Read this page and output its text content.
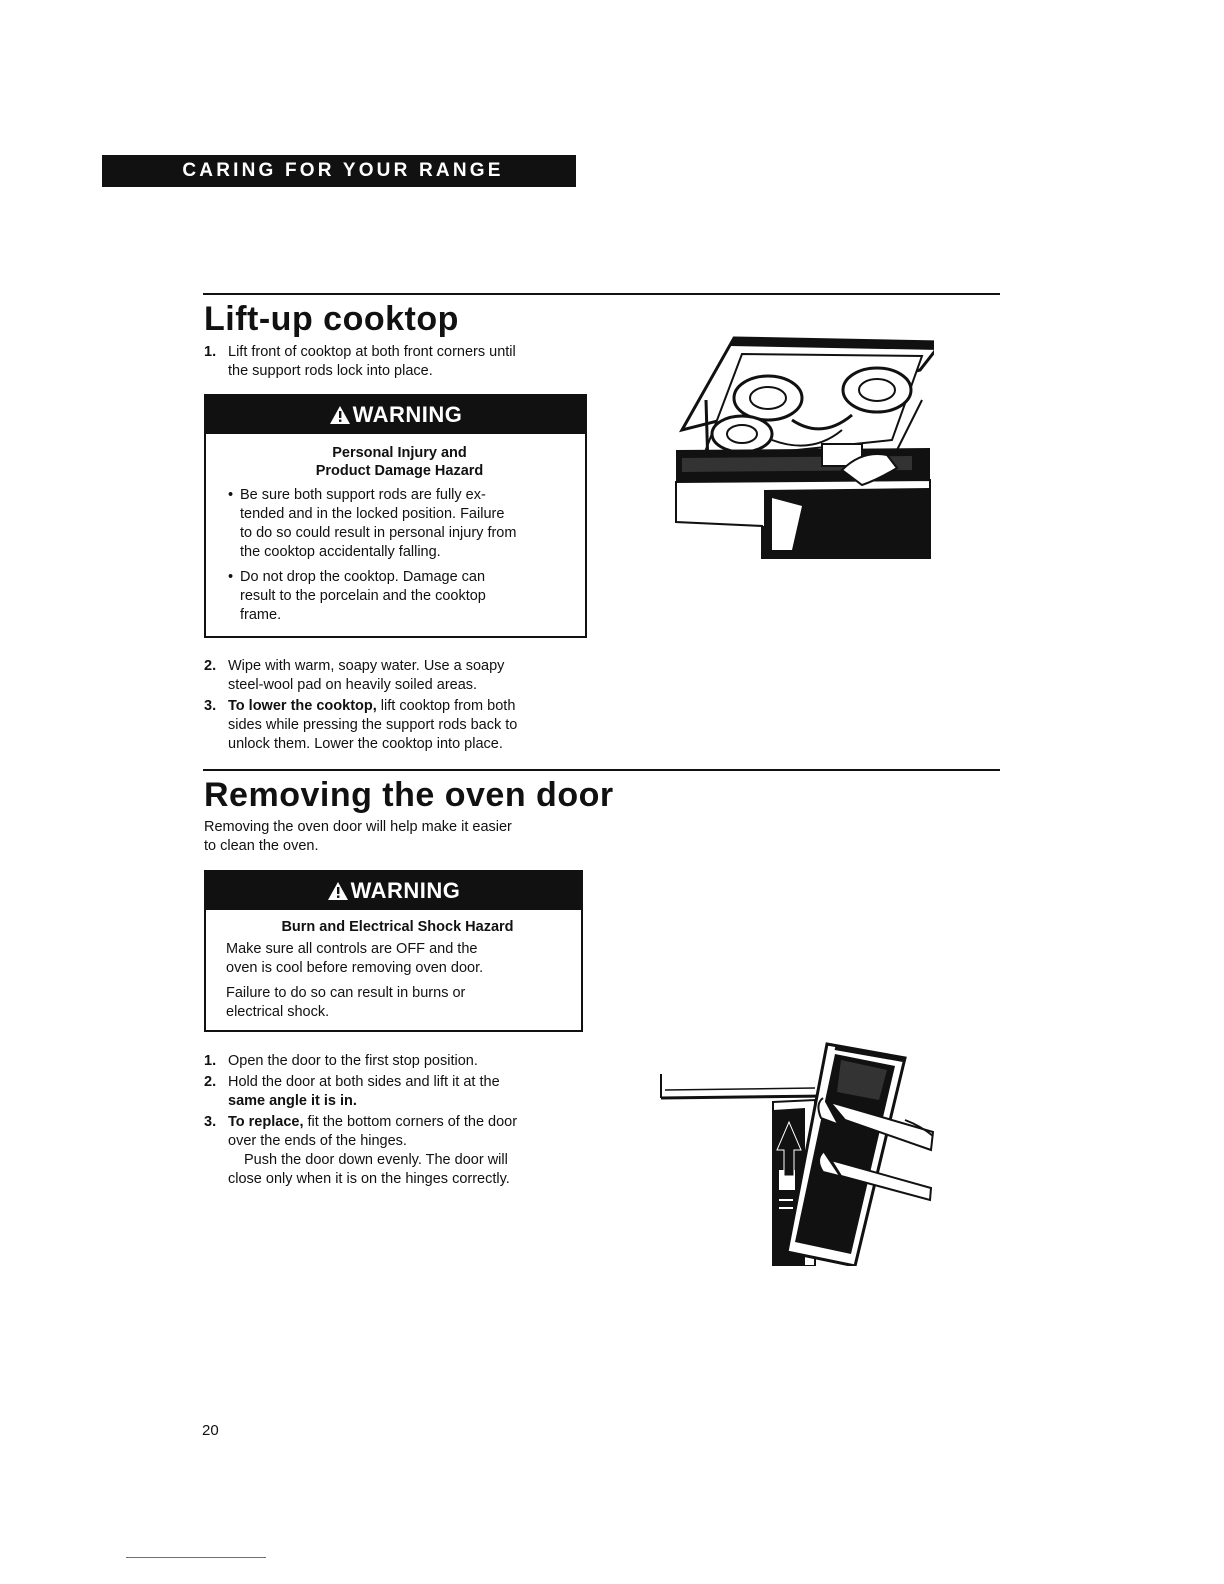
CARING FOR YOUR RANGE
Lift-up cooktop
1. Lift front of cooktop at both front corners until
the support rods lock into place.
WARNING
Personal Injury and
Product Damage Hazard
• Be sure both support rods are fully ex-
tended and in the locked position. Failure
to do so could result in personal injury from
the cooktop accidentally falling.
• Do not drop the cooktop. Damage can
result to the porcelain and the cooktop
frame.
2. Wipe with warm, soapy water. Use a soapy
steel-wool pad on heavily soiled areas.
3. To lower the cooktop, lift cooktop from both
sides while pressing the support rods back to
unlock them. Lower the cooktop into place.
Removing the oven door
Removing the oven door will help make it easier
to clean the oven.
WARNING
Burn and Electrical Shock Hazard
Make sure all controls are OFF and the
oven is cool before removing oven door.
Failure to do so can result in burns or
electrical shock.
1. Open the door to the first stop position.
2. Hold the door at both sides and lift it at the
same angle it is in.
3. To replace, fit the bottom corners of the door
over the ends of the hinges.
Push the door down evenly. The door will
close only when it is on the hinges correctly.
20
